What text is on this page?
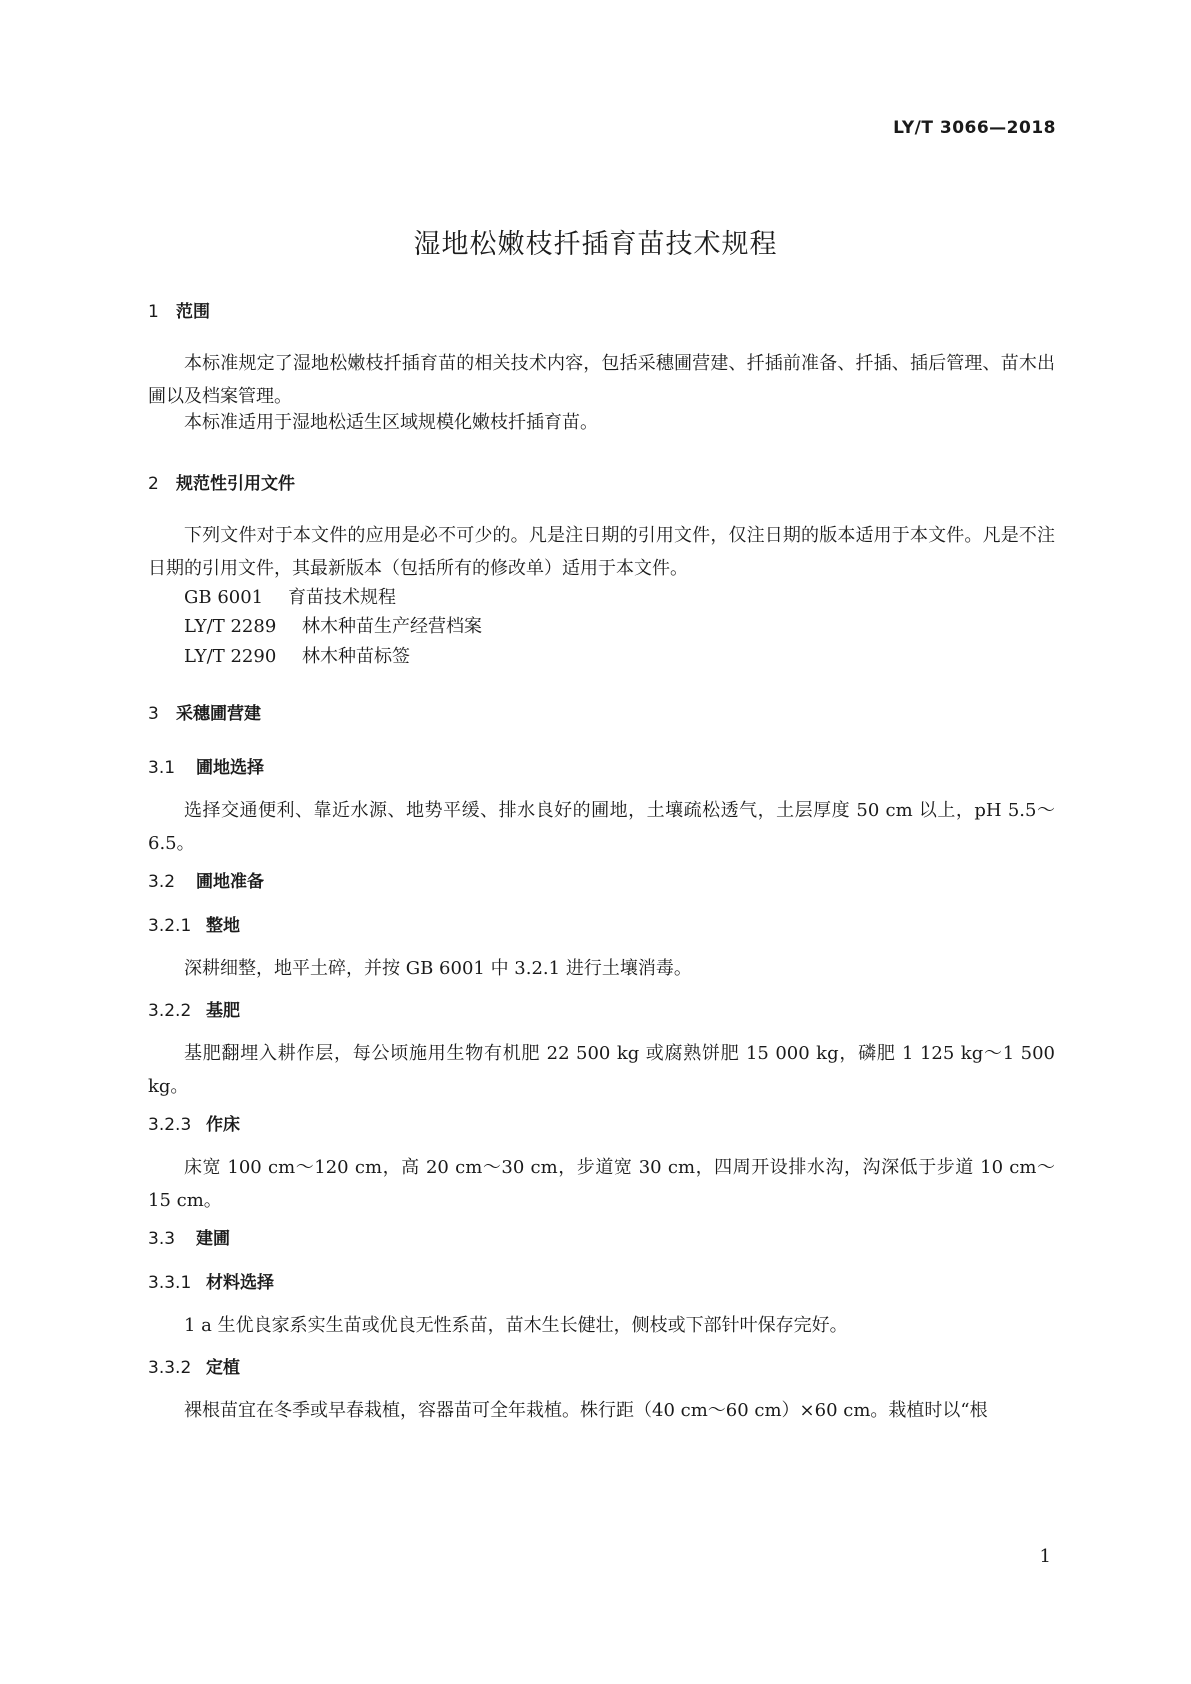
LY/T 3066—2018
湿地松嫩枝扦插育苗技术规程
1 范围

本标准规定了湿地松嫩枝扦插育苗的相关技术内容，包括采穗圃营建、扦插前准备、扦插、插后管理、苗木出圃以及档案管理。

本标准适用于湿地松适生区域规模化嫩枝扦插育苗。

2 规范性引用文件

下列文件对于本文件的应用是必不可少的。凡是注日期的引用文件，仅注日期的版本适用于本文件。凡是不注日期的引用文件，其最新版本（包括所有的修改单）适用于本文件。

GB 6001 育苗技术规程
LY/T 2289 林木种苗生产经营档案
LY/T 2290 林木种苗标签
3 采穗圃营建
3.1 圃地选择

选择交通便利、靠近水源、地势平缓、排水良好的圃地，土壤疏松透气，土层厚度 50 cm 以上，pH 5.5～6.5。

3.2 圃地准备
3.2.1 整地

深耕细整，地平土碎，并按 GB 6001 中 3.2.1 进行土壤消毒。

3.2.2 基肥

基肥翻埋入耕作层，每公顷施用生物有机肥 22 500 kg 或腐熟饼肥 15 000 kg，磷肥 1 125 kg～1 500 kg。

3.2.3 作床

床宽 100 cm～120 cm，高 20 cm～30 cm，步道宽 30 cm，四周开设排水沟，沟深低于步道 10 cm～15 cm。

3.3 建圃
3.3.1 材料选择

1 a 生优良家系实生苗或优良无性系苗，苗木生长健壮，侧枝或下部针叶保存完好。

3.3.2 定植

裸根苗宜在冬季或早春栽植，容器苗可全年栽植。株行距（40 cm～60 cm）×60 cm。栽植时以“根

1
